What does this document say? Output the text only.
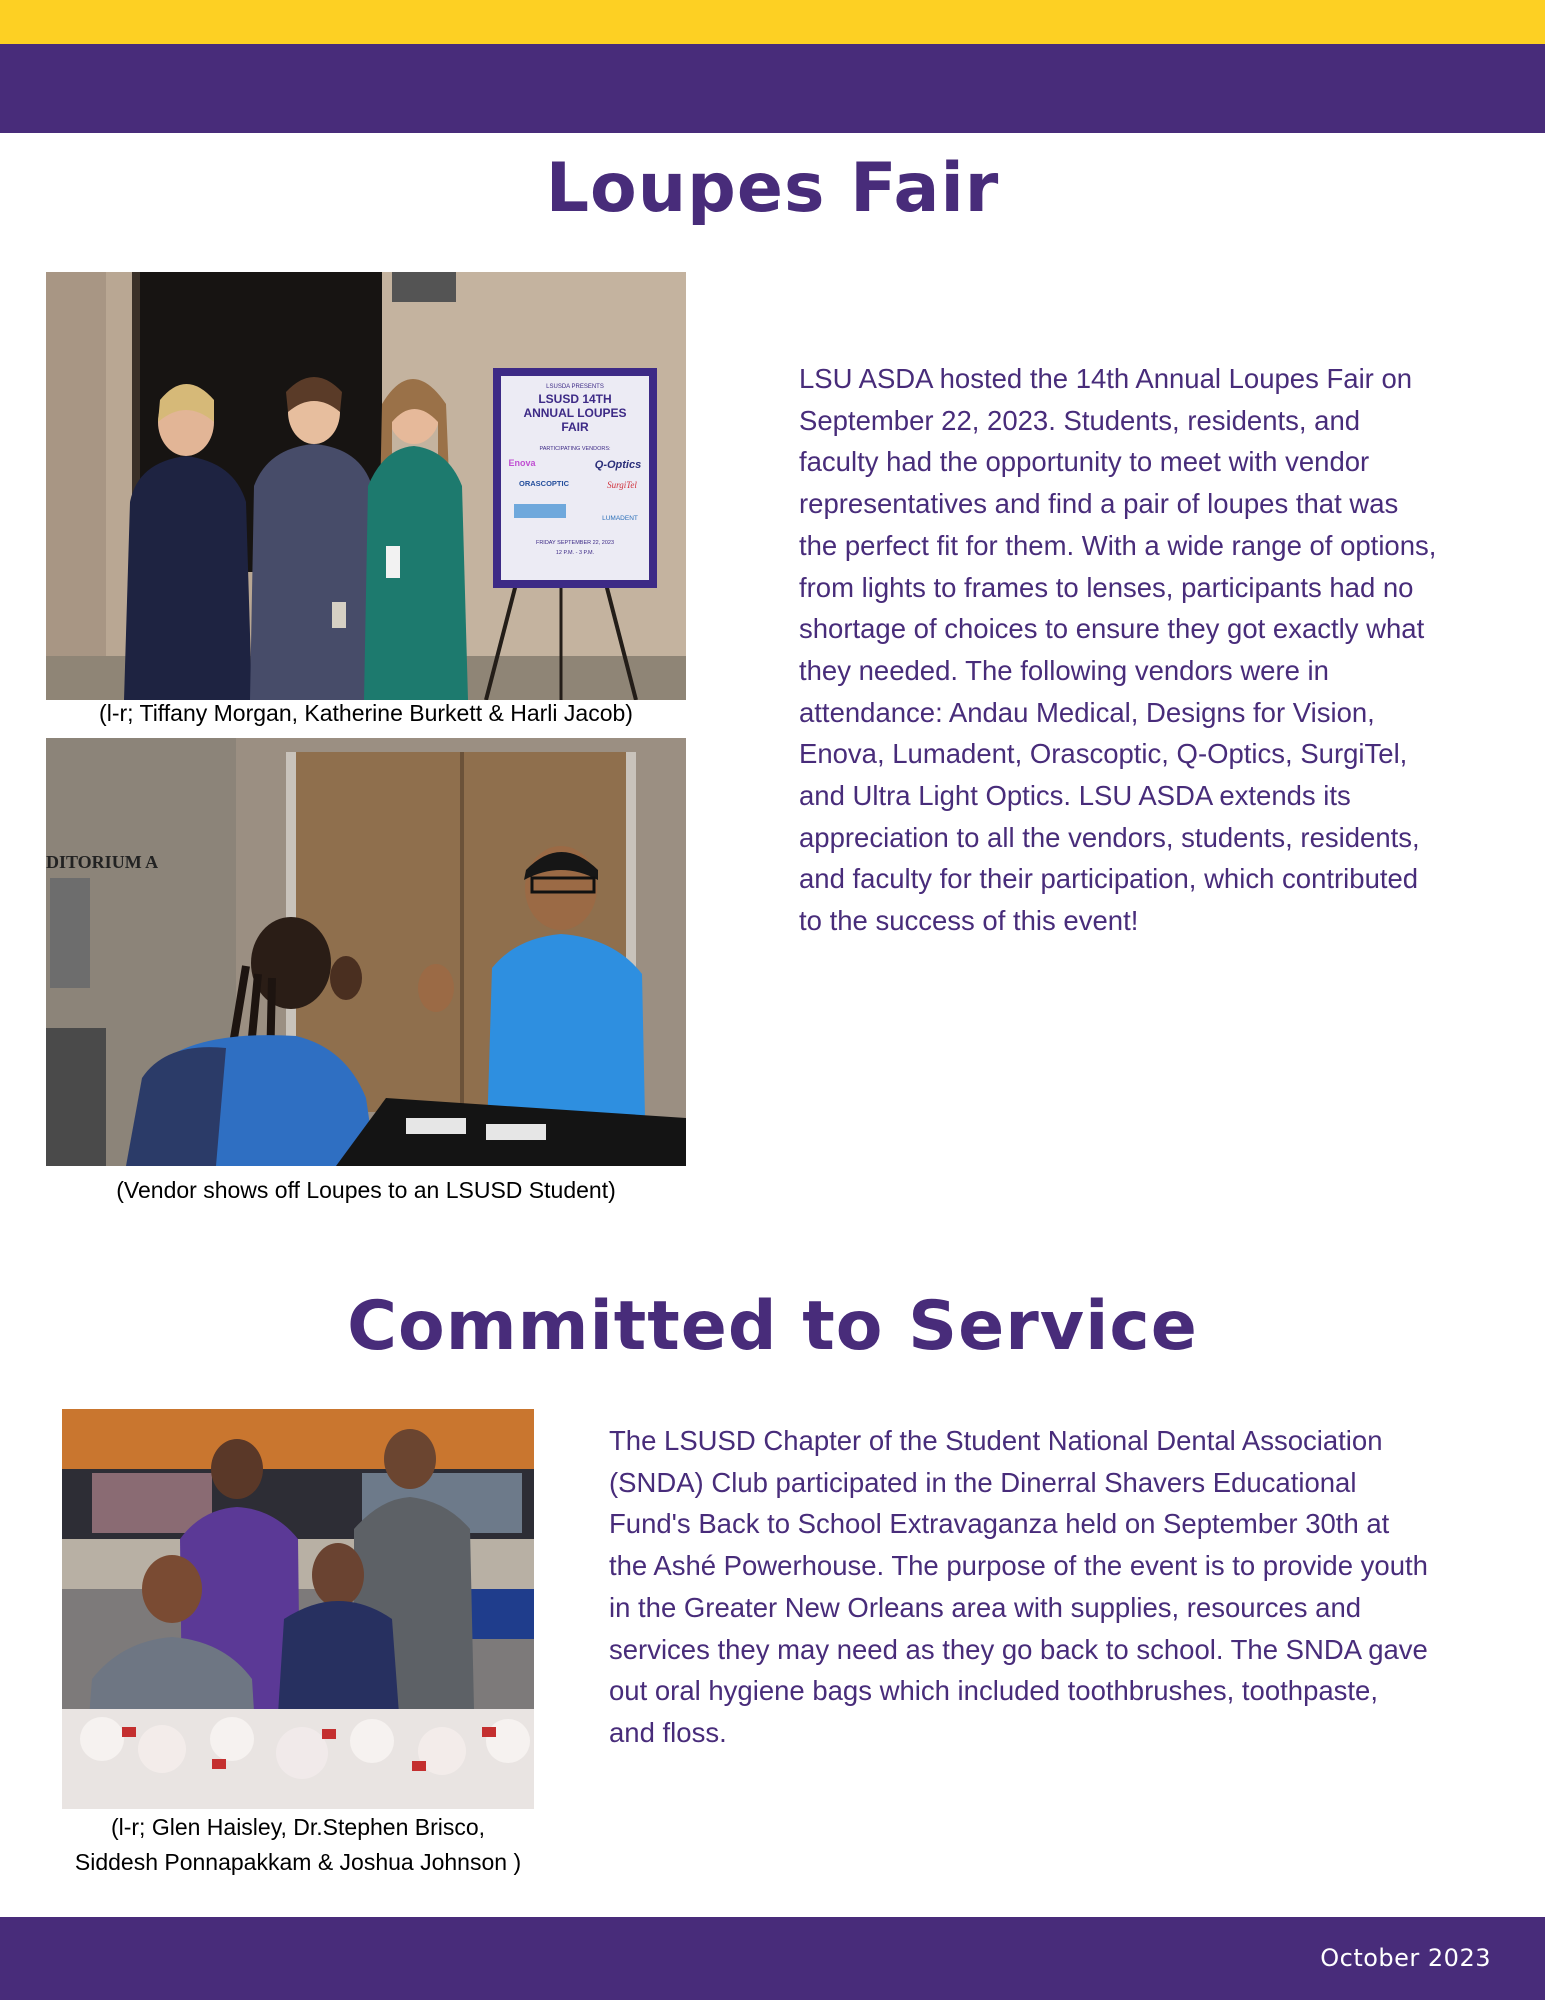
Loupes Fair
LSUSDA PRESENTS
LSUSD 14TH
ANNUAL LOUPES
FAIR
PARTICIPATING VENDORS:
Enova	Q-Optics
ORASCOPTIC	SurgiTel
LUMADENT
FRIDAY SEPTEMBER 22, 2023
12 P.M. - 3 P.M.

(l-r; Tiffany Morgan, Katherine Burkett & Harli Jacob)

DITORIUM A

(Vendor shows off Loupes to an LSUSD Student)

LSU ASDA hosted the 14th Annual Loupes Fair on September 22, 2023. Students, residents, and faculty had the opportunity to meet with vendor representatives and find a pair of loupes that was the perfect fit for them. With a wide range of options, from lights to frames to lenses, participants had no shortage of choices to ensure they got exactly what they needed. The following vendors were in attendance: Andau Medical, Designs for Vision, Enova, Lumadent, Orascoptic, Q-Optics, SurgiTel, and Ultra Light Optics. LSU ASDA extends its appreciation to all the vendors, students, residents, and faculty for their participation, which contributed to the success of this event!

Committed to Service

(l-r; Glen Haisley, Dr.Stephen Brisco,

Siddesh Ponnapakkam & Joshua Johnson )

The LSUSD Chapter of the Student National Dental Association (SNDA) Club participated in the Dinerral Shavers Educational Fund's Back to School Extravaganza held on September 30th at the Ashé Powerhouse. The purpose of the event is to provide youth in the Greater New Orleans area with supplies, resources and services they may need as they go back to school. The SNDA gave out oral hygiene bags which included toothbrushes, toothpaste, and floss.

October 2023
